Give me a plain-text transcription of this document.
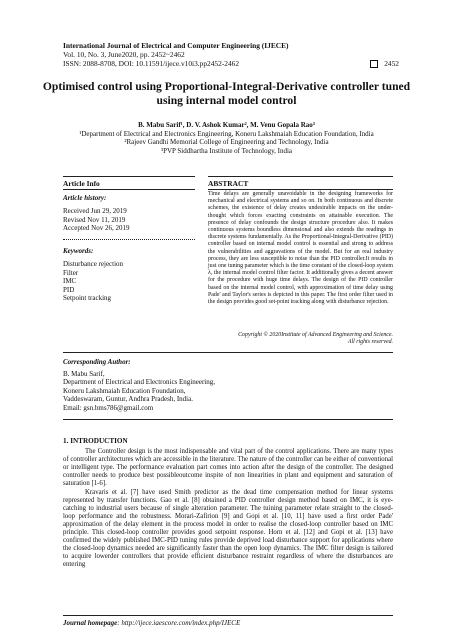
International Journal of Electrical and Computer Engineering (IJECE)
Vol. 10, No. 3, June2020, pp. 2452~2462
ISSN: 2088-8708, DOI: 10.11591/ijece.v10i3.pp2452-2462	2452
Optimised control using Proportional-Integral-Derivative controller tuned using internal model control
B. Mabu Sarif¹, D. V. Ashok Kumar², M. Venu Gopala Rao³
¹Department of Electrical and Electronics Engineering, Koneru Lakshmaiah Education Foundation, India
²Rajeev Gandhi Memorial College of Engineering and Technology, India
³PVP Siddhartha Institute of Technology, India
Article Info	ABSTRACT
Article history:
Received Jun 29, 2019
Revised Nov 11, 2019
Accepted Nov 26, 2019
Keywords:
Disturbance rejection
Filter
IMC
PID
Setpoint tracking
Time delays are generally unavoidable in the designing frameworks for mechanical and electrical systems and so on. In both continuous and discrete schemes, the existence of delay creates undesirable impacts on the under-thought which forces exacting constraints on attainable execution. The presence of delay confounds the design structure procedure also. It makes continuous systems boundless dimensional and also extends the readings in discrete systems fundamentally. As the Proportional-Integral-Derivative (PID) controller based on internal model control is essential and strong to address the vulnerabilities and aggravations of the model. But for an real industry process, they are less susceptible to noise than the PID controller.It results in just one tuning parameter which is the time constant of the closed-loop system λ, the internal model control filter factor. It additionally gives a decent answer for the procedure with huge time delays. The design of the PID controller based on the internal model control, with approximation of time delay using Pade' and Taylor's series is depicted in this paper. The first order filter used in the design provides good set-point tracking along with disturbance rejection.
Copyright © 2020Institute of Advanced Engineering and Science.
All rights reserved.
Corresponding Author:
B. Mabu Sarif,
Department of Electrical and Electronics Engineering,
Koneru Lakshmaiah Education Foundation,
Vaddeswaram, Guntur, Andhra Pradesh, India.
Email: gsn.bms786@gmail.com
1. INTRODUCTION

The Controller design is the most indispensable and vital part of the control applications. There are many types of controller architectures which are accessible in the literature. The nature of the controller can be either of conventional or intelligent type. The performance evaluation part comes into action after the design of the controller. The designed controller needs to produce best possibleoutcome inspite of non linearities in plant and equipment and saturation of saturation [1-6].

Kravaris et al. [7] have used Smith predictor as the dead time compensation method for linear systems represented by transfer functions. Gao et al. [8] obtained a PID controller design method based on IMC, it is eye-catching to industrial users because of single alteration parameter. The tuining parameter relate straight to the closed-loop performance and the robustness. Morari-Zafirion [9] and Gopi et al. [10, 11] have used a first order Pade' approximation of the delay element in the process model in order to realise the closed-loop controller based on IMC principle. This closed-loop controller provides good setpoint response. Horn et al. [12] and Gopi et al. [13] have confirmed the widely published IMC-PID tuning rules provide deprived load disturbance support for applications where the closed-loop dynamics needed are significantly faster than the open loop dynamics. The IMC filter design is tailored to acquire lowerder controllers that provide efficient disturbance restraint regardless of where the disturbances are entering

Journal homepage: http://ijece.iaescore.com/index.php/IJECE
